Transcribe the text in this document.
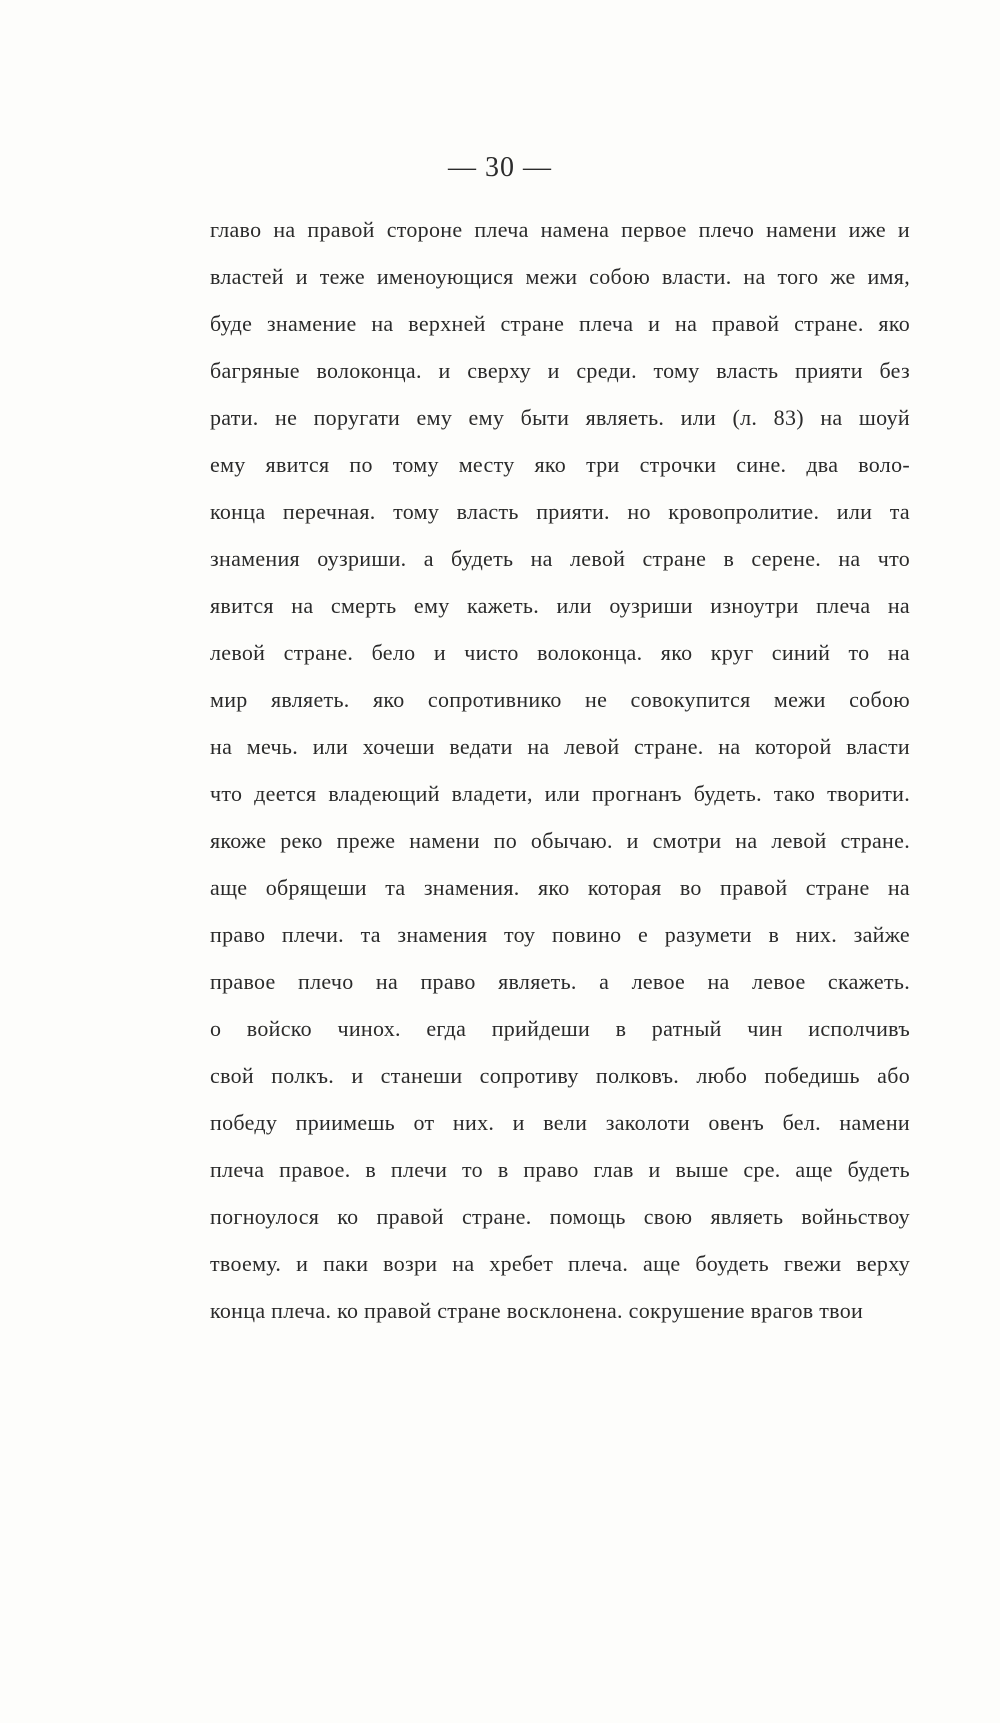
— 30 —
главо на правой стороне плеча намена первое плечо намени иже и
властей и теже именоующися межи собою власти. на того же имя,
буде знамение на верхней стране плеча и на правой стране. яко
багряные волоконца. и сверху и среди. тому власть прияти без
рати. не поругати ему ему быти являеть. или (л. 83) на шоуй
ему явится по тому месту яко три строчки сине. два воло-
конца перечная. тому власть прияти. но кровопролитие. или та
знамения оузриши. а будеть на левой стране в серене. на что
явится на смерть ему кажеть. или оузриши изноутри плеча на
левой стране. бело и чисто волоконца. яко круг синий то на
мир являеть. яко сопротивнико не совокупится межи собою
на мечь. или хочеши ведати на левой стране. на которой власти
что деется владеющий владети, или прогнанъ будеть. тако творити.
якоже реко преже намени по обычаю. и смотри на левой стране.
аще обрящеши та знамения. яко которая во правой стране на
право плечи. та знамения тоу повино е разумети в них. зайже
правое плечо на право являеть. а левое на левое скажеть.
о войско чинох. егда прийдеши в ратный чин исполчивъ
свой полкъ. и станеши сопротиву полковъ. любо победишь або
победу приимешь от них. и вели заколоти овенъ бел. намени
плеча правое. в плечи то в право глав и выше сре. аще будеть
погноулося ко правой стране. помощь свою являеть войньствоу
твоему. и паки возри на хребет плеча. аще боудеть гвежи верху
конца плеча. ко правой стране восклонена. сокрушение врагов твои
